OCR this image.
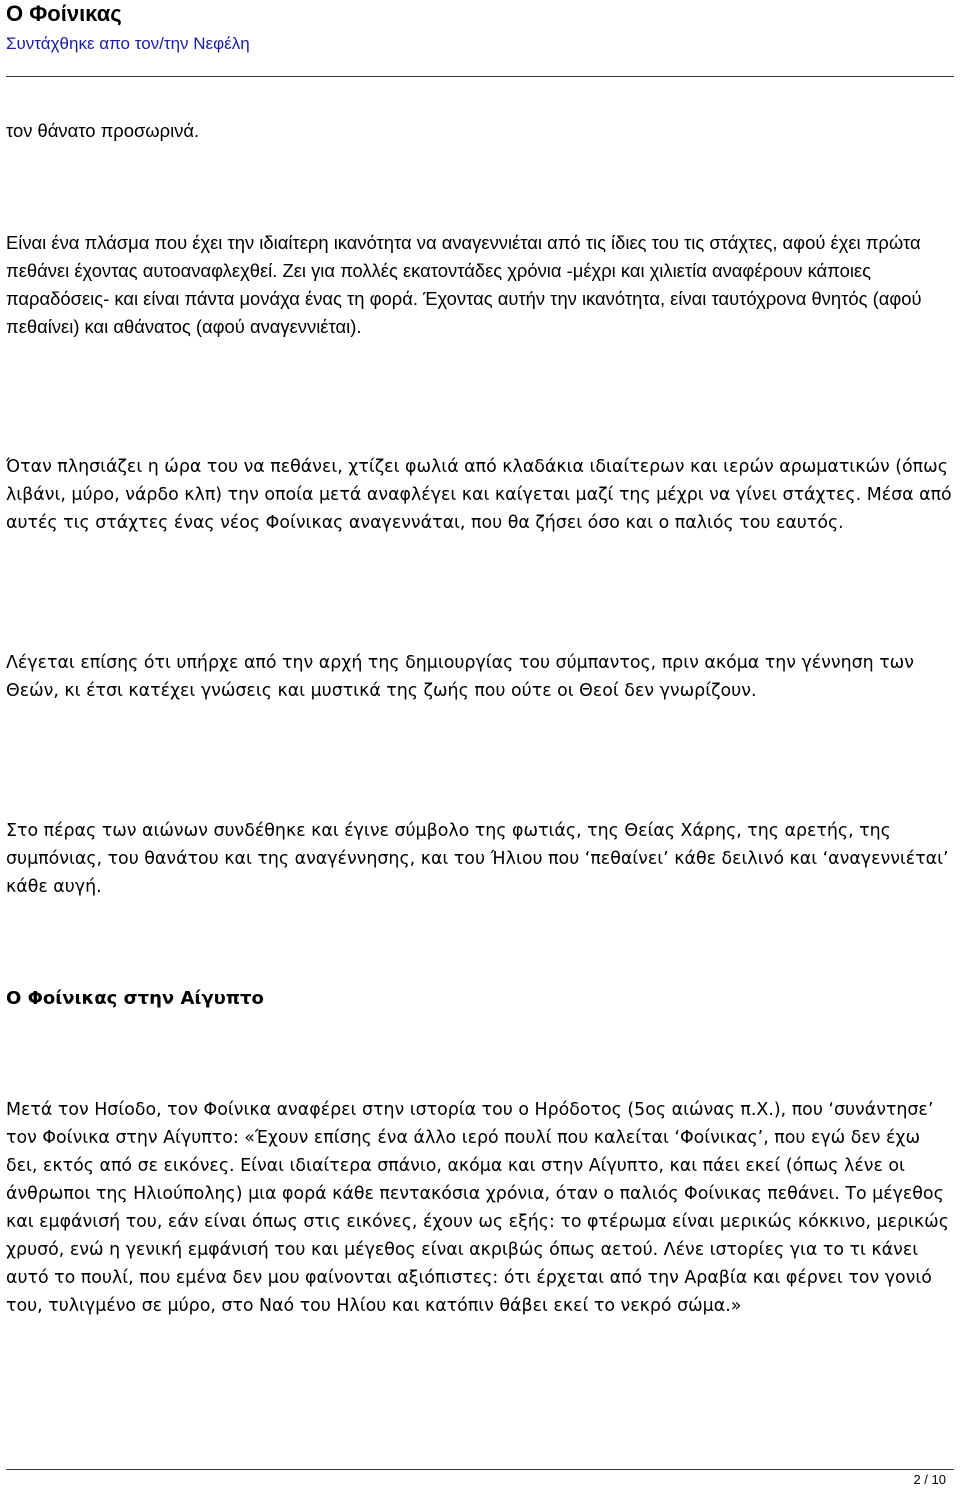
Ο Φοίνικας
Συντάχθηκε απο τον/την Νεφέλη

τον θάνατο προσωρινά.

Είναι ένα πλάσμα που έχει την ιδιαίτερη ικανότητα να αναγεννιέται από τις ίδιες του τις στάχτες, αφού έχει πρώτα πεθάνει έχοντας αυτοαναφλεχθεί. Ζει για πολλές εκατοντάδες χρόνια -μέχρι και χιλιετία αναφέρουν κάποιες παραδόσεις- και είναι πάντα μονάχα ένας τη φορά. Έχοντας αυτήν την ικανότητα, είναι ταυτόχρονα θνητός (αφού πεθαίνει) και αθάνατος (αφού αναγεννιέται).

Όταν πλησιάζει η ώρα του να πεθάνει, χτίζει φωλιά από κλαδάκια ιδιαίτερων και ιερών αρωματικών (όπως λιβάνι, μύρο, νάρδο κλπ) την οποία μετά αναφλέγει και καίγεται μαζί της μέχρι να γίνει στάχτες. Μέσα από αυτές τις στάχτες ένας νέος Φοίνικας αναγεννάται, που θα ζήσει όσο και ο παλιός του εαυτός.

Λέγεται επίσης ότι υπήρχε από την αρχή της δημιουργίας του σύμπαντος, πριν ακόμα την γέννηση των Θεών, κι έτσι κατέχει γνώσεις και μυστικά της ζωής που ούτε οι Θεοί δεν γνωρίζουν.

Στο πέρας των αιώνων συνδέθηκε και έγινε σύμβολο της φωτιάς, της Θείας Χάρης, της αρετής, της συμπόνιας, του θανάτου και της αναγέννησης, και του Ήλιου που ‘πεθαίνει’ κάθε δειλινό και ‘αναγεννιέται’ κάθε αυγή.

Ο Φοίνικας στην Αίγυπτο

Μετά τον Ησίοδο, τον Φοίνικα αναφέρει στην ιστορία του ο Ηρόδοτος (5ος αιώνας π.Χ.), που ‘συνάντησε’ τον Φοίνικα στην Αίγυπτο: «Έχουν επίσης ένα άλλο ιερό πουλί που καλείται ‘Φοίνικας’, που εγώ δεν έχω δει, εκτός από σε εικόνες. Είναι ιδιαίτερα σπάνιο, ακόμα και στην Αίγυπτο, και πάει εκεί (όπως λένε οι άνθρωποι της Ηλιούπολης) μια φορά κάθε πεντακόσια χρόνια, όταν ο παλιός Φοίνικας πεθάνει. Το μέγεθος και εμφάνισή του, εάν είναι όπως στις εικόνες, έχουν ως εξής: το φτέρωμα είναι μερικώς κόκκινο, μερικώς χρυσό, ενώ η γενική εμφάνισή του και μέγεθος είναι ακριβώς όπως αετού. Λένε ιστορίες για το τι κάνει αυτό το πουλί, που εμένα δεν μου φαίνονται αξιόπιστες: ότι έρχεται από την Αραβία και φέρνει τον γονιό του, τυλιγμένο σε μύρο, στο Ναό του Ηλίου και κατόπιν θάβει εκεί το νεκρό σώμα.»

2 / 10
